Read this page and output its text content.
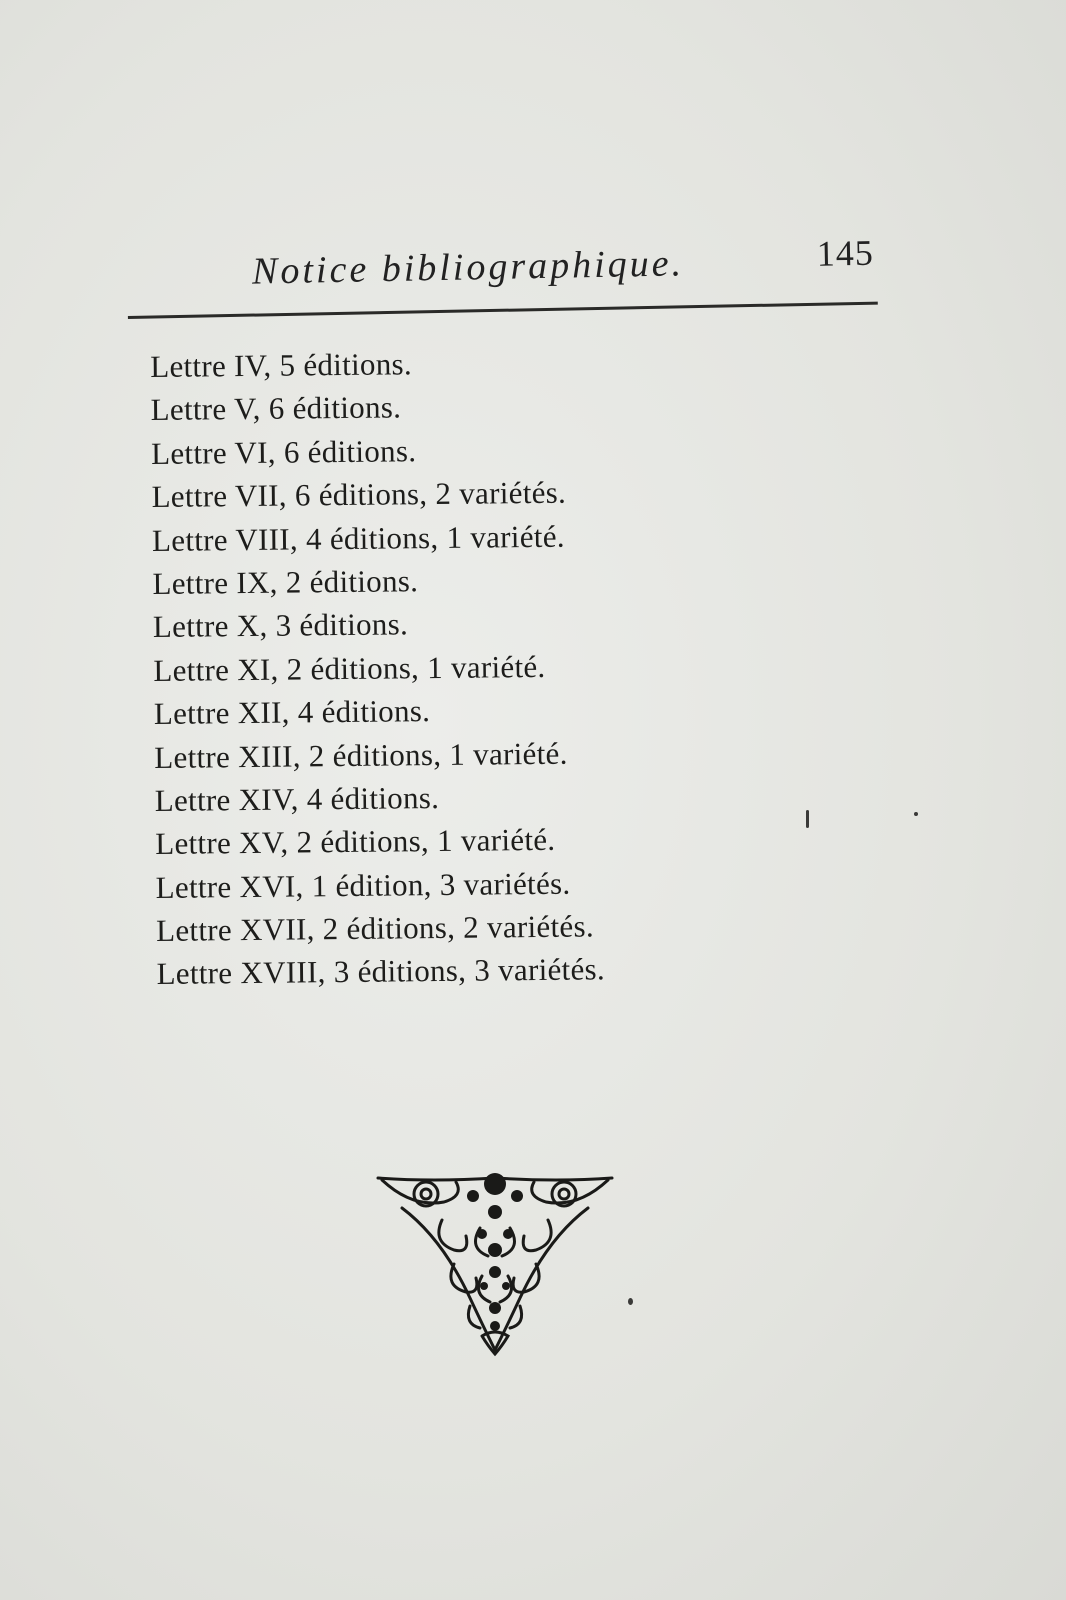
Notice bibliographique.	145
Lettre IV, 5 éditions.
Lettre V, 6 éditions.
Lettre VI, 6 éditions.
Lettre VII, 6 éditions, 2 variétés.
Lettre VIII, 4 éditions, 1 variété.
Lettre IX, 2 éditions.
Lettre X, 3 éditions.
Lettre XI, 2 éditions, 1 variété.
Lettre XII, 4 éditions.
Lettre XIII, 2 éditions, 1 variété.
Lettre XIV, 4 éditions.
Lettre XV, 2 éditions, 1 variété.
Lettre XVI, 1 édition, 3 variétés.
Lettre XVII, 2 éditions, 2 variétés.
Lettre XVIII, 3 éditions, 3 variétés.
